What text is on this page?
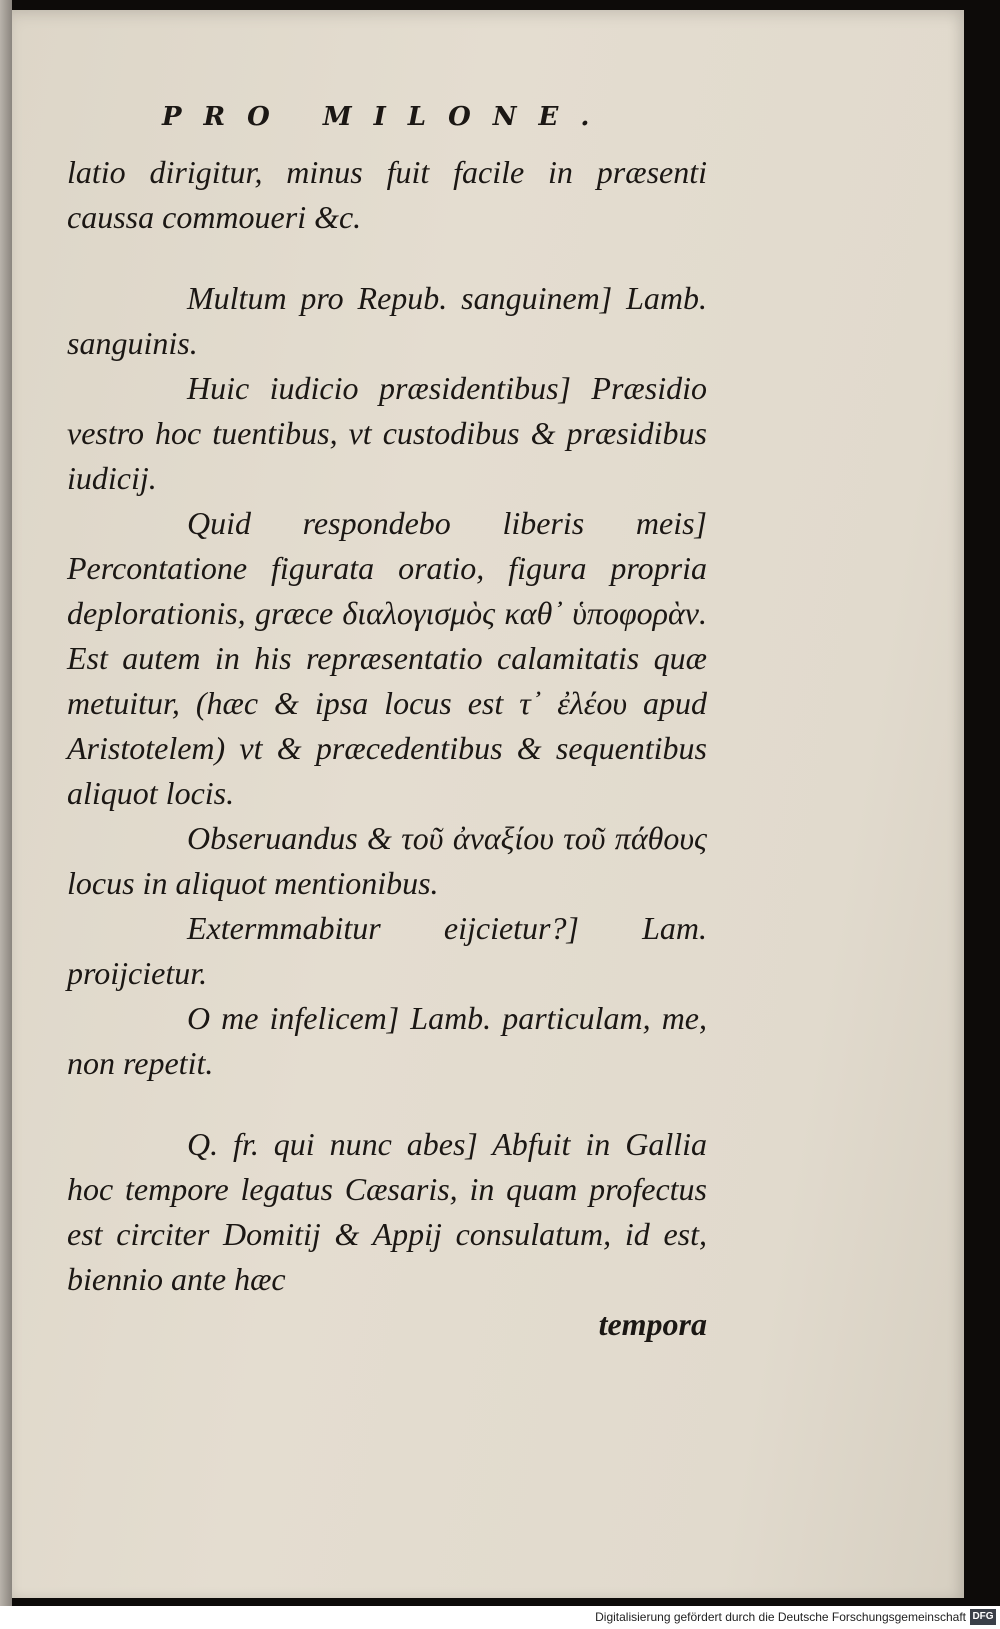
PRO MILONE.

latio dirigitur, minus fuit facile in præsenti caussa commoueri &c.

Multum pro Repub. sanguinem] Lamb. sanguinis.

Huic iudicio præsidentibus] Præsidio vestro hoc tuentibus, vt custodibus & præsidibus iudicij.

Quid respondebo liberis meis] Percontatione figurata oratio, figura propria deplorationis, græce διαλογισμὸς καθ᾽ ὑποφορὰν. Est autem in his repræsentatio calamitatis quæ metuitur, (hæc & ipsa locus est τ᾽ ἐλέου apud Aristotelem) vt & præcedentibus & sequentibus aliquot locis.

Obseruandus & τοῦ ἀναξίου τοῦ πάθους locus in aliquot mentionibus.

Extermmabitur eijcietur?] Lam. proijcietur.

O me infelicem] Lamb. particulam, me, non repetit.

Q. fr. qui nunc abes] Abfuit in Gallia hoc tempore legatus Cæsaris, in quam profectus est circiter Domitij & Appij consulatum, id est, biennio ante hæc

tempora

Digitalisierung gefördert durch die Deutsche Forschungsgemeinschaft DFG
